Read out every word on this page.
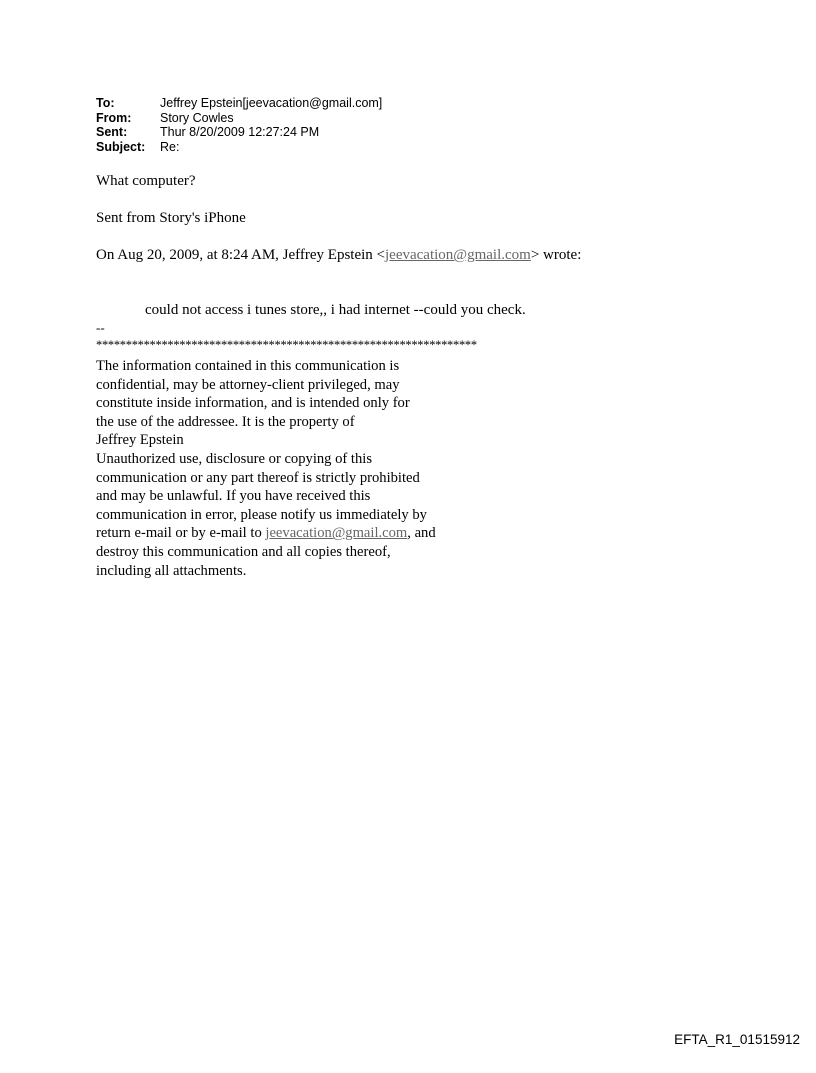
To:	Jeffrey Epstein[jeevacation@gmail.com]
From:	Story Cowles
Sent:	Thur 8/20/2009 12:27:24 PM
Subject:	Re:
What computer?
Sent from Story's iPhone
On Aug 20, 2009, at 8:24 AM, Jeffrey Epstein <jeevacation@gmail.com> wrote:
could not access i tunes store,, i had internet --could you check.
--
****************************************************************
The information contained in this communication is
confidential, may be attorney-client privileged, may
constitute inside information, and is intended only for
the use of the addressee. It is the property of
Jeffrey Epstein
Unauthorized use, disclosure or copying of this
communication or any part thereof is strictly prohibited
and may be unlawful. If you have received this
communication in error, please notify us immediately by
return e-mail or by e-mail to jeevacation@gmail.com, and
destroy this communication and all copies thereof,
including all attachments.
EFTA_R1_01515912
